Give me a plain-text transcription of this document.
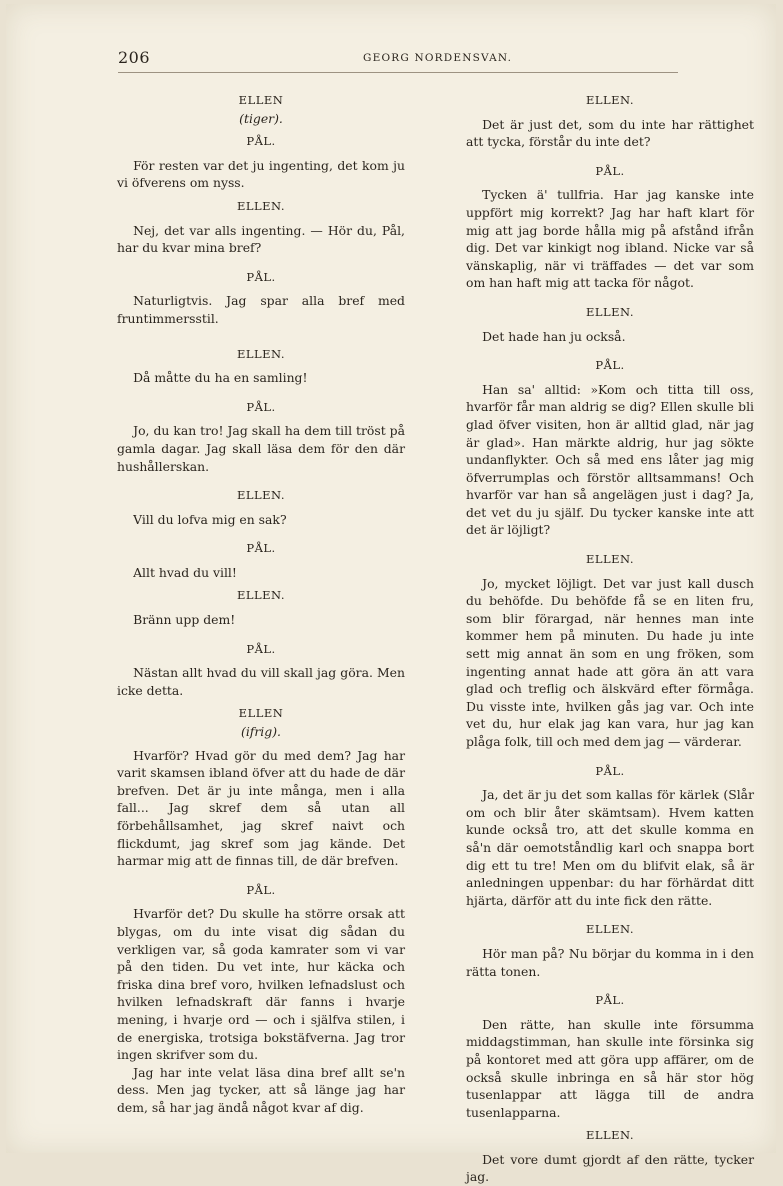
206	GEORG NORDENSVAN.

ELLEN

(tiger).

PÅL.

För resten var det ju ingenting, det kom ju vi öfverens om nyss.

ELLEN.

Nej, det var alls ingenting. — Hör du, Pål, har du kvar mina bref?

PÅL.

Naturligtvis. Jag spar alla bref med fruntimmersstil.

ELLEN.

Då måtte du ha en samling!

PÅL.

Jo, du kan tro! Jag skall ha dem till tröst på gamla dagar. Jag skall läsa dem för den där hushållerskan.

ELLEN.

Vill du lofva mig en sak?

PÅL.

Allt hvad du vill!

ELLEN.

Bränn upp dem!

PÅL.

Nästan allt hvad du vill skall jag göra. Men icke detta.

ELLEN

(ifrig).

Hvarför? Hvad gör du med dem? Jag har varit skamsen ibland öfver att du hade de där brefven. Det är ju inte många, men i alla fall... Jag skref dem så utan all förbehållsamhet, jag skref naivt och flickdumt, jag skref som jag kände. Det harmar mig att de finnas till, de där brefven.

PÅL.

Hvarför det? Du skulle ha större orsak att blygas, om du inte visat dig sådan du verkligen var, så goda kamrater som vi var på den tiden. Du vet inte, hur käcka och friska dina bref voro, hvilken lefnadslust och hvilken lefnadskraft där fanns i hvarje mening, i hvarje ord — och i själfva stilen, i de energiska, trotsiga bokstäfverna. Jag tror ingen skrifver som du.

Jag har inte velat läsa dina bref allt se'n dess. Men jag tycker, att så länge jag har dem, så har jag ändå något kvar af dig.

ELLEN.

Det är just det, som du inte har rättighet att tycka, förstår du inte det?

PÅL.

Tycken ä' tullfria. Har jag kanske inte uppfört mig korrekt? Jag har haft klart för mig att jag borde hålla mig på afstånd ifrån dig. Det var kinkigt nog ibland. Nicke var så vänskaplig, när vi träffades — det var som om han haft mig att tacka för något.

ELLEN.

Det hade han ju också.

PÅL.

Han sa' alltid: »Kom och titta till oss, hvarför får man aldrig se dig? Ellen skulle bli glad öfver visiten, hon är alltid glad, när jag är glad». Han märkte aldrig, hur jag sökte undanflykter. Och så med ens låter jag mig öfverrumplas och förstör alltsammans! Och hvarför var han så angelägen just i dag? Ja, det vet du ju själf. Du tycker kanske inte att det är löjligt?

ELLEN.

Jo, mycket löjligt. Det var just kall dusch du behöfde. Du behöfde få se en liten fru, som blir förargad, när hennes man inte kommer hem på minuten. Du hade ju inte sett mig annat än som en ung fröken, som ingenting annat hade att göra än att vara glad och treflig och älskvärd efter förmåga. Du visste inte, hvilken gås jag var. Och inte vet du, hur elak jag kan vara, hur jag kan plåga folk, till och med dem jag — värderar.

PÅL.

Ja, det är ju det som kallas för kärlek (Slår om och blir åter skämtsam). Hvem katten kunde också tro, att det skulle komma en så'n där oemotståndlig karl och snappa bort dig ett tu tre! Men om du blifvit elak, så är anledningen uppenbar: du har förhärdat ditt hjärta, därför att du inte fick den rätte.

ELLEN.

Hör man på? Nu börjar du komma in i den rätta tonen.

PÅL.

Den rätte, han skulle inte försumma middagstimman, han skulle inte försinka sig på kontoret med att göra upp affärer, om de också skulle inbringa en så här stor hög tusenlappar att lägga till de andra tusenlapparna.

ELLEN.

Det vore dumt gjordt af den rätte, tycker jag.
